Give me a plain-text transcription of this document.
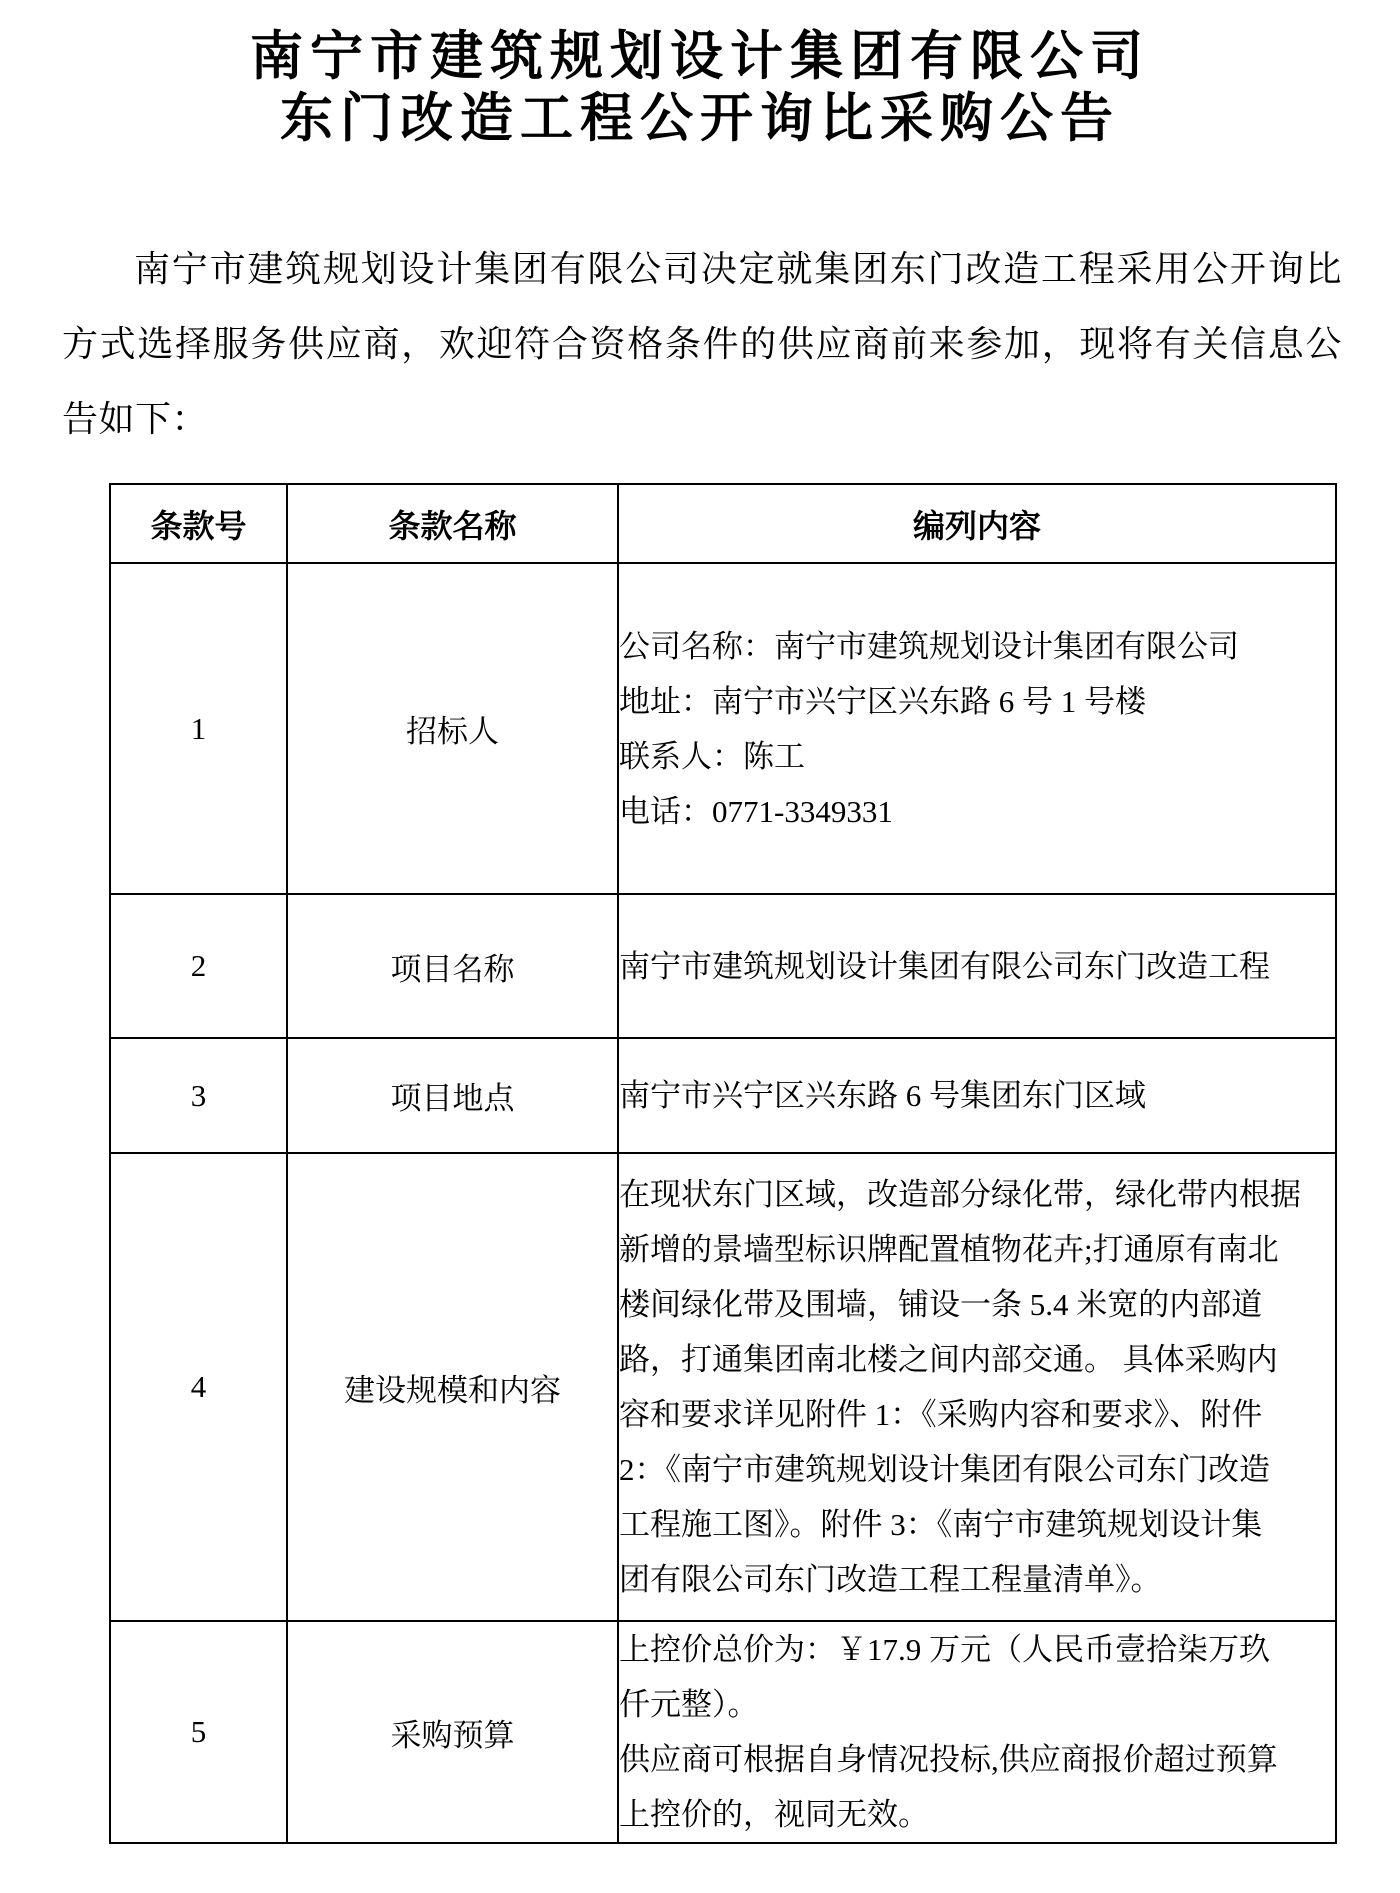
南宁市建筑规划设计集团有限公司
东门改造工程公开询比采购公告
南宁市建筑规划设计集团有限公司决定就集团东门改造工程采用公开询比
方式选择服务供应商，欢迎符合资格条件的供应商前来参加，现将有关信息公
告如下：
条款号	条款名称	编列内容
1	招标人	公司名称：南宁市建筑规划设计集团有限公司
地址：南宁市兴宁区兴东路 6 号 1 号楼
联系人：陈工
电话：0771-3349331

2	项目名称	南宁市建筑规划设计集团有限公司东门改造工程

3	项目地点	南宁市兴宁区兴东路 6 号集团东门区域

4	建设规模和内容	
在现状东门区域，改造部分绿化带，绿化带内根据
新增的景墙型标识牌配置植物花卉;打通原有南北
楼间绿化带及围墙，铺设一条 5.4 米宽的内部道
路，打通集团南北楼之间内部交通。 具体采购内
容和要求详见附件 1：《采购内容和要求》、附件
2：《南宁市建筑规划设计集团有限公司东门改造
工程施工图》。附件 3：《南宁市建筑规划设计集
团有限公司东门改造工程工程量清单》。

5	采购预算	上控价总价为：￥17.9 万元（人民币壹拾柒万玖
仟元整）。
供应商可根据自身情况投标,供应商报价超过预算
上控价的，视同无效。
